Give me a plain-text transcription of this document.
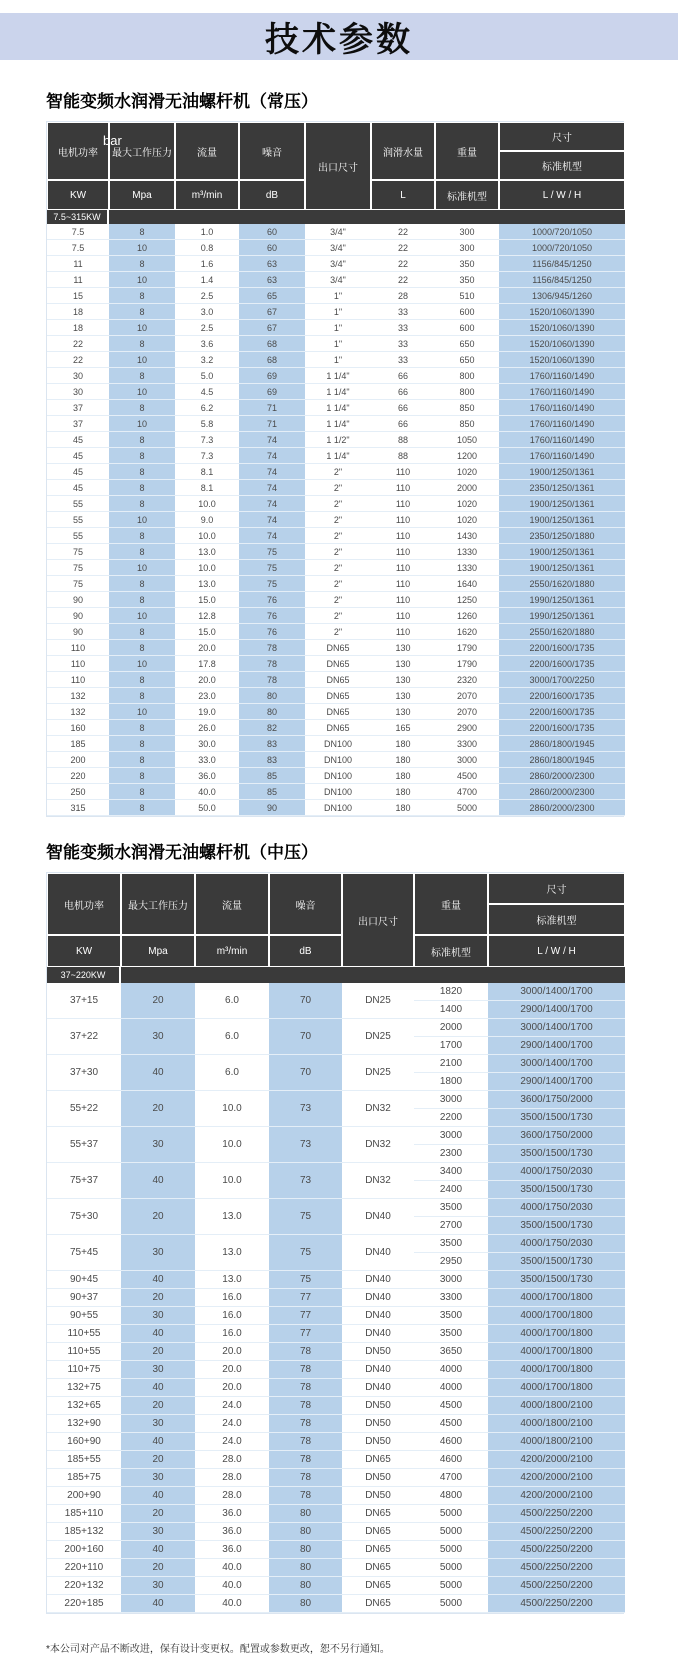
技术参数
智能变频水润滑无油螺杆机（常压）
bar
电机功率	最大工作压力	流量	噪音	出口尺寸	润滑水量	重量	尺寸
							标准机型
KW	Mpa	m³/min	dB		L	标准机型	L / W / H
7.5~315KW							
7.5	8	1.0	60	3/4"	22	300	1000/720/1050
7.5	10	0.8	60	3/4"	22	300	1000/720/1050
11	8	1.6	63	3/4"	22	350	1156/845/1250
11	10	1.4	63	3/4"	22	350	1156/845/1250
15	8	2.5	65	1"	28	510	1306/945/1260
18	8	3.0	67	1"	33	600	1520/1060/1390
18	10	2.5	67	1"	33	600	1520/1060/1390
22	8	3.6	68	1"	33	650	1520/1060/1390
22	10	3.2	68	1"	33	650	1520/1060/1390
30	8	5.0	69	1 1/4"	66	800	1760/1160/1490
30	10	4.5	69	1 1/4"	66	800	1760/1160/1490
37	8	6.2	71	1 1/4"	66	850	1760/1160/1490
37	10	5.8	71	1 1/4"	66	850	1760/1160/1490
45	8	7.3	74	1 1/2"	88	1050	1760/1160/1490
45	8	7.3	74	1 1/4"	88	1200	1760/1160/1490
45	8	8.1	74	2"	110	1020	1900/1250/1361
45	8	8.1	74	2"	110	2000	2350/1250/1361
55	8	10.0	74	2"	110	1020	1900/1250/1361
55	10	9.0	74	2"	110	1020	1900/1250/1361
55	8	10.0	74	2"	110	1430	2350/1250/1880
75	8	13.0	75	2"	110	1330	1900/1250/1361
75	10	10.0	75	2"	110	1330	1900/1250/1361
75	8	13.0	75	2"	110	1640	2550/1620/1880
90	8	15.0	76	2"	110	1250	1990/1250/1361
90	10	12.8	76	2"	110	1260	1990/1250/1361
90	8	15.0	76	2"	110	1620	2550/1620/1880
110	8	20.0	78	DN65	130	1790	2200/1600/1735
110	10	17.8	78	DN65	130	1790	2200/1600/1735
110	8	20.0	78	DN65	130	2320	3000/1700/2250
132	8	23.0	80	DN65	130	2070	2200/1600/1735
132	10	19.0	80	DN65	130	2070	2200/1600/1735
160	8	26.0	82	DN65	165	2900	2200/1600/1735
185	8	30.0	83	DN100	180	3300	2860/1800/1945
200	8	33.0	83	DN100	180	3000	2860/1800/1945
220	8	36.0	85	DN100	180	4500	2860/2000/2300
250	8	40.0	85	DN100	180	4700	2860/2000/2300
315	8	50.0	90	DN100	180	5000	2860/2000/2300
智能变频水润滑无油螺杆机（中压）
电机功率	最大工作压力	流量	噪音	出口尺寸	重量	尺寸
						标准机型
KW	Mpa	m³/min	dB		标准机型	L / W / H
37~220KW						
37+15	20	6.0	70	DN25	1820	3000/1400/1700
					1400	2900/1400/1700
37+22	30	6.0	70	DN25	2000	3000/1400/1700
					1700	2900/1400/1700
37+30	40	6.0	70	DN25	2100	3000/1400/1700
					1800	2900/1400/1700
55+22	20	10.0	73	DN32	3000	3600/1750/2000
					2200	3500/1500/1730
55+37	30	10.0	73	DN32	3000	3600/1750/2000
					2300	3500/1500/1730
75+37	40	10.0	73	DN32	3400	4000/1750/2030
					2400	3500/1500/1730
75+30	20	13.0	75	DN40	3500	4000/1750/2030
					2700	3500/1500/1730
75+45	30	13.0	75	DN40	3500	4000/1750/2030
					2950	3500/1500/1730
90+45	40	13.0	75	DN40	3000	3500/1500/1730
90+37	20	16.0	77	DN40	3300	4000/1700/1800
90+55	30	16.0	77	DN40	3500	4000/1700/1800
110+55	40	16.0	77	DN40	3500	4000/1700/1800
110+55	20	20.0	78	DN50	3650	4000/1700/1800
110+75	30	20.0	78	DN40	4000	4000/1700/1800
132+75	40	20.0	78	DN40	4000	4000/1700/1800
132+65	20	24.0	78	DN50	4500	4000/1800/2100
132+90	30	24.0	78	DN50	4500	4000/1800/2100
160+90	40	24.0	78	DN50	4600	4000/1800/2100
185+55	20	28.0	78	DN65	4600	4200/2000/2100
185+75	30	28.0	78	DN50	4700	4200/2000/2100
200+90	40	28.0	78	DN50	4800	4200/2000/2100
185+110	20	36.0	80	DN65	5000	4500/2250/2200
185+132	30	36.0	80	DN65	5000	4500/2250/2200
200+160	40	36.0	80	DN65	5000	4500/2250/2200
220+110	20	40.0	80	DN65	5000	4500/2250/2200
220+132	30	40.0	80	DN65	5000	4500/2250/2200
220+185	40	40.0	80	DN65	5000	4500/2250/2200

*本公司对产品不断改进，保有设计变更权。配置或参数更改，恕不另行通知。
